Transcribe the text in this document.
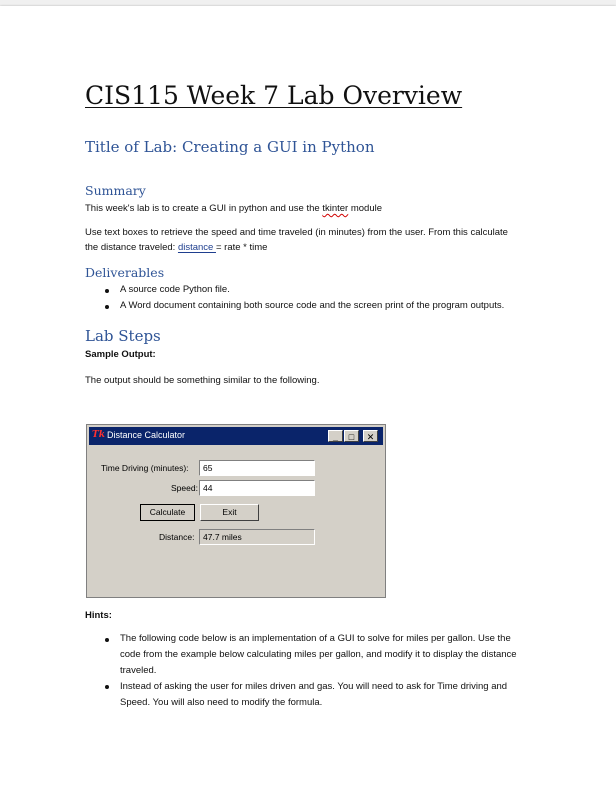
CIS115 Week 7 Lab Overview
Title of Lab: Creating a GUI in Python
Summary
This week's lab is to create a GUI in python and use the tkinter module
Use text boxes to retrieve the speed and time traveled (in minutes) from the user. From this calculate
the distance traveled: distance = rate * time
Deliverables
A source code Python file.
A Word document containing both source code and the screen print of the program outputs.
Lab Steps
Sample Output:
The output should be something similar to the following.
Tk Distance Calculator	_	□	✕
Time Driving (minutes):	65
Speed: 44
Calculate	Exit
Distance:	47.7 miles
Hints:
The following code below is an implementation of a GUI to solve for miles per gallon. Use the
code from the example below calculating miles per gallon, and modify it to display the distance
traveled.
Instead of asking the user for miles driven and gas. You will need to ask for Time driving and
Speed. You will also need to modify the formula.
